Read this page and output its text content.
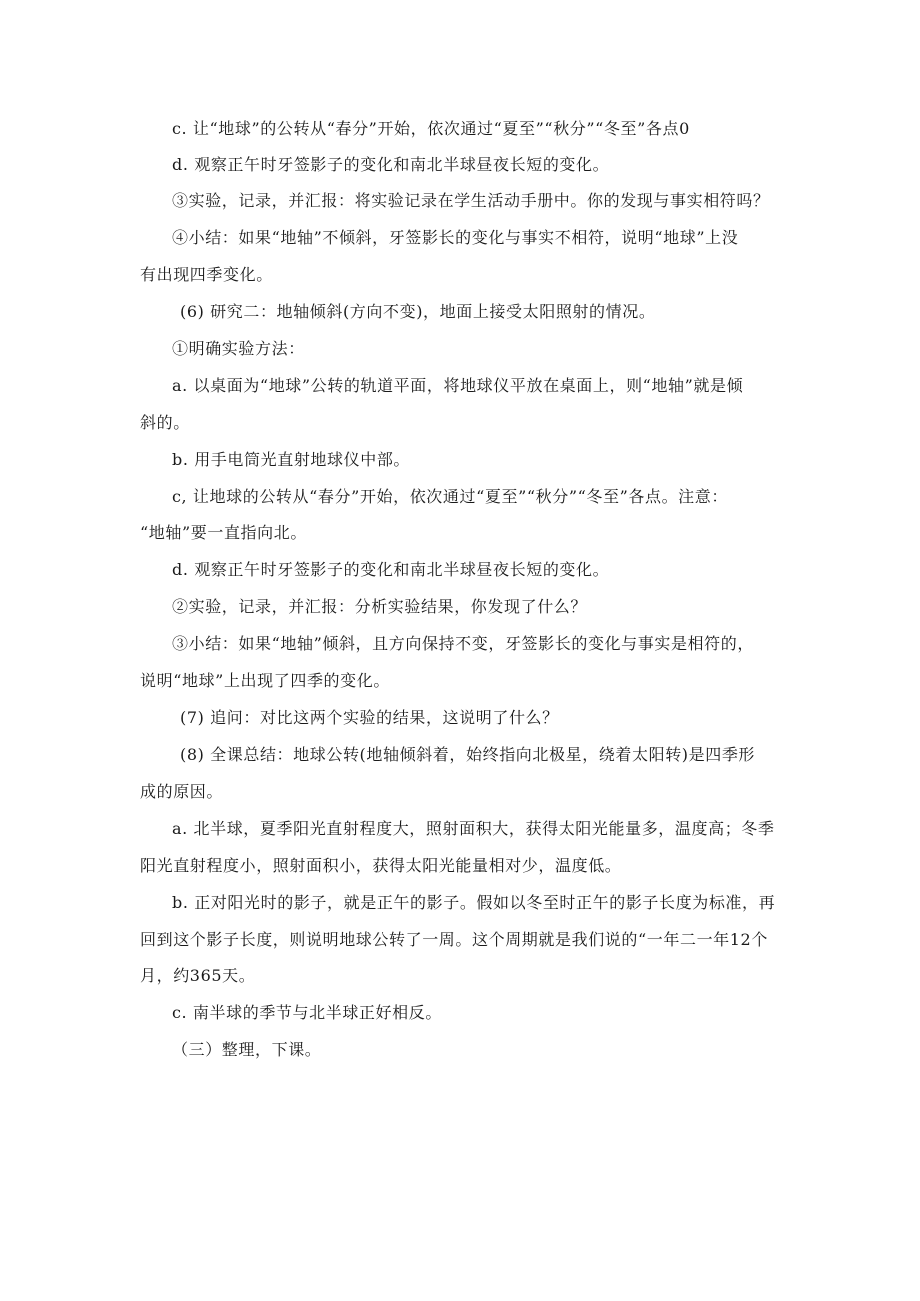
c. 让“地球”的公转从“春分”开始，依次通过“夏至”“秋分”“冬至”各点0
d. 观察正午时牙签影子的变化和南北半球昼夜长短的变化。
③实验，记录，并汇报：将实验记录在学生活动手册中。你的发现与事实相符吗？
④小结：如果“地轴”不倾斜，牙签影长的变化与事实不相符，说明“地球”上没
有出现四季变化。
(6) 研究二：地轴倾斜(方向不变)，地面上接受太阳照射的情况。
①明确实验方法：
a. 以桌面为“地球”公转的轨道平面，将地球仪平放在桌面上，则“地轴”就是倾
斜的。
b. 用手电筒光直射地球仪中部。
c, 让地球的公转从“春分”开始，依次通过“夏至”“秋分”“冬至”各点。注意：
“地轴”要一直指向北。
d. 观察正午时牙签影子的变化和南北半球昼夜长短的变化。
②实验，记录，并汇报：分析实验结果，你发现了什么？
③小结：如果“地轴”倾斜，且方向保持不变，牙签影长的变化与事实是相符的，
说明“地球”上出现了四季的变化。
(7) 追问：对比这两个实验的结果，这说明了什么？
(8) 全课总结：地球公转(地轴倾斜着，始终指向北极星，绕着太阳转)是四季形
成的原因。
a. 北半球，夏季阳光直射程度大，照射面积大，获得太阳光能量多，温度高；冬季
阳光直射程度小，照射面积小，获得太阳光能量相对少，温度低。
b. 正对阳光时的影子，就是正午的影子。假如以冬至时正午的影子长度为标准，再
回到这个影子长度，则说明地球公转了一周。这个周期就是我们说的“一年二一年12个
月，约365天。
c. 南半球的季节与北半球正好相反。
（三）整理，下课。
